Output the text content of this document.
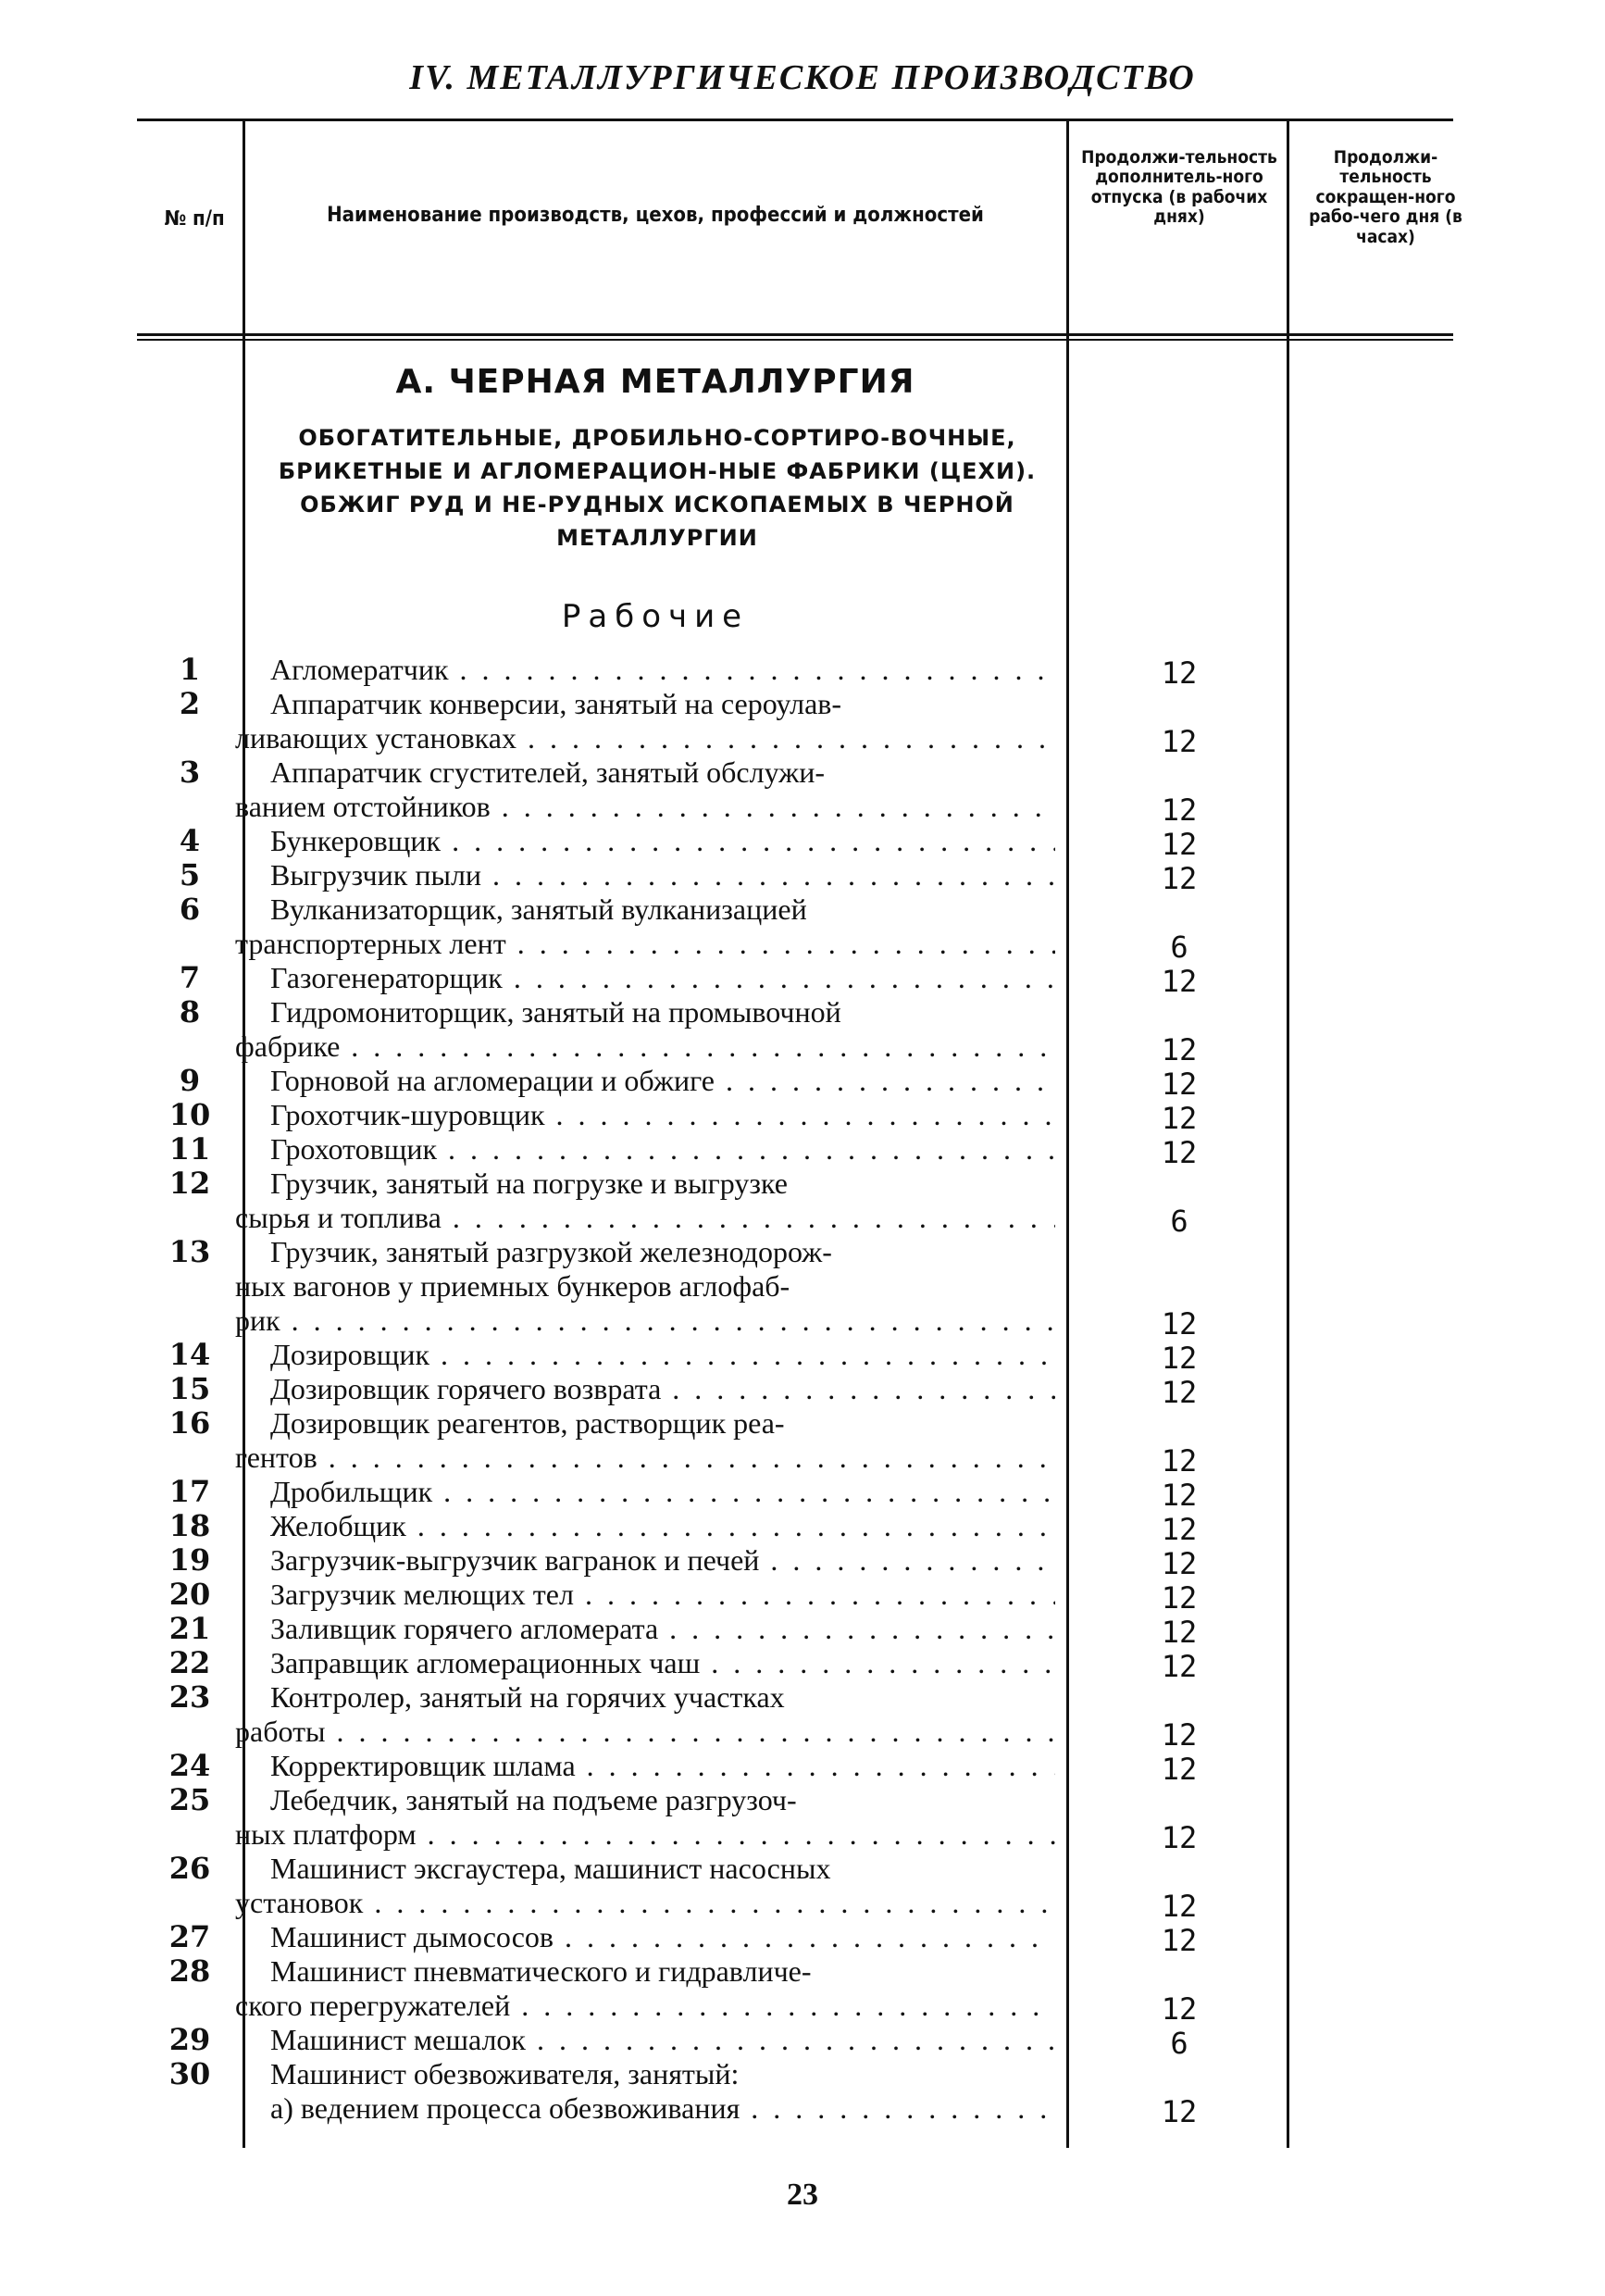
IV. МЕТАЛЛУРГИЧЕСКОЕ ПРОИЗВОДСТВО
№ п/п	Наименование производств, цехов, профессий и должностей
Продолжи-тельность дополнитель-ного отпуска (в рабочих днях)
Продолжи-тельность сокращен-ного рабо-чего дня (в часах)
А. ЧЕРНАЯ МЕТАЛЛУРГИЯ
ОБОГАТИТЕЛЬНЫЕ, ДРОБИЛЬНО-СОРТИРО-ВОЧНЫЕ, БРИКЕТНЫЕ И АГЛОМЕРАЦИОН-НЫЕ ФАБРИКИ (ЦЕХИ). ОБЖИГ РУД И НЕ-РУДНЫХ ИСКОПАЕМЫХ В ЧЕРНОЙ МЕТАЛЛУРГИИ
Рабочие
1	Агломератчик . . .	12
2	Аппаратчик конверсии, занятый на сероулав-
ливающих установках . . .	12
3	Аппаратчик сгустителей, занятый обслужи-
ванием отстойников . . .	12
4	Бункеровщик . . .	12
5	Выгрузчик пыли . . .	12
6	Вулканизаторщик, занятый вулканизацией
транспортерных лент . . .	6
7	Газогенераторщик . . .	12
8	Гидромониторщик, занятый на промывочной
фабрике . . .	12
9	Горновой на агломерации и обжиге . . .	12
10	Грохотчик-шуровщик . . .	12
11	Грохотовщик . . .	12
12	Грузчик, занятый на погрузке и выгрузке
сырья и топлива . . .	6
13	Грузчик, занятый разгрузкой железнодорож-
ных вагонов у приемных бункеров аглофаб-
рик . . .	12
14	Дозировщик . . .	12
15	Дозировщик горячего возврата . . .	12
16	Дозировщик реагентов, растворщик реа-
гентов . . .	12
17	Дробильщик . . .	12
18	Желобщик . . .	12
19	Загрузчик-выгрузчик вагранок и печей . . .	12
20	Загрузчик мелющих тел . . .	12
21	Заливщик горячего агломерата . . .	12
22	Заправщик агломерационных чаш . . .	12
23	Контролер, занятый на горячих участках
работы . . .	12
24	Корректировщик шлама . . .	12
25	Лебедчик, занятый на подъеме разгрузоч-
ных платформ . . .	12
26	Машинист эксгаустера, машинист насосных
установок . . .	12
27	Машинист дымососов . . .	12
28	Машинист пневматического и гидравличе-
ского перегружателей . . .	12
29	Машинист мешалок . . .	6
30	Машинист обезвоживателя, занятый:
а) ведением процесса обезвоживания . . .	12
23
